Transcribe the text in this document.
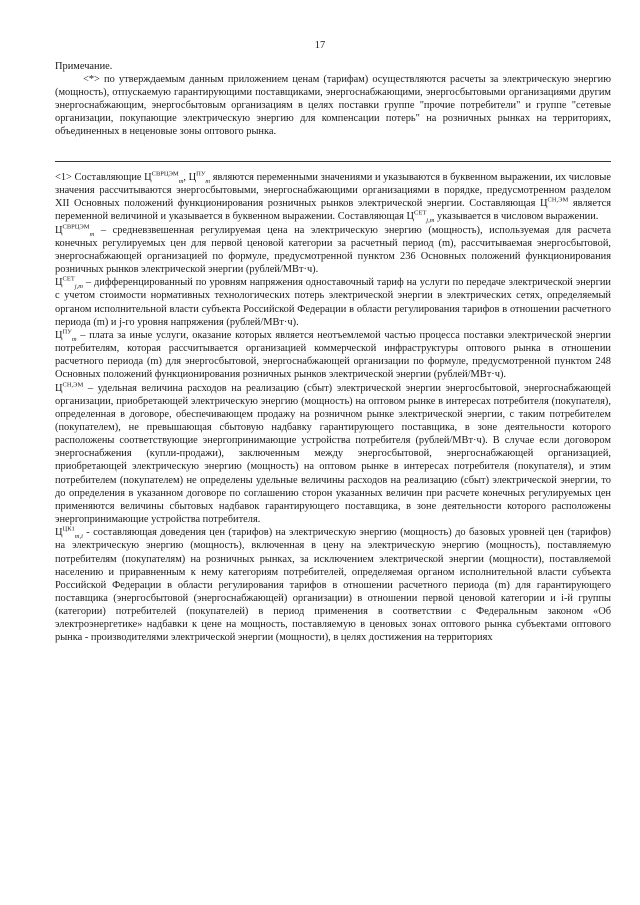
17

Примечание.

<*> по утверждаемым данным приложением ценам (тарифам) осуществляются расчеты за электрическую энергию (мощность), отпускаемую гарантирующими поставщиками, энергоснабжающими, энергосбытовыми организациями другим энергоснабжающим, энергосбытовым организациям в целях поставки группе "прочие потребители" и группе "сетевые организации, покупающие электрическую энергию для компенсации потерь" на розничных рынках на территориях, объединенных в неценовые зоны оптового рынка.

<1> Составляющие $Ц^{СВРЦЭМ}_m$, $Ц^{ПУ}_m$ являются переменными значениями и указываются в буквенном выражении, их числовые значения рассчитываются энергосбытовыми, энергоснабжающими организациями в порядке, предусмотренном разделом XII Основных положений функционирования розничных рынков электрической энергии. Составляющая $Ц^{СН,ЭМ}$ является переменной величиной и указывается в буквенном выражении. Составляющая $Ц^{СЕТ}_{j,m}$ указывается в числовом выражении.

$Ц^{СВРЦЭМ}_m$ – средневзвешенная регулируемая цена на электрическую энергию (мощность), используемая для расчета конечных регулируемых цен для первой ценовой категории за расчетный период (m), рассчитываемая энергосбытовой, энергоснабжающей организацией по формуле, предусмотренной пунктом 236 Основных положений функционирования розничных рынков электрической энергии (рублей/МВт·ч).

$Ц^{СЕТ}_{j,m}$ – дифференцированный по уровням напряжения одноставочный тариф на услуги по передаче электрической энергии с учетом стоимости нормативных технологических потерь электрической энергии в электрических сетях, определяемый органом исполнительной власти субъекта Российской Федерации в области регулирования тарифов в отношении расчетного периода (m) и j-го уровня напряжения (рублей/МВт·ч).

$Ц^{ПУ}_m$ – плата за иные услуги, оказание которых является неотъемлемой частью процесса поставки электрической энергии потребителям, которая рассчитывается организацией коммерческой инфраструктуры оптового рынка в отношении расчетного периода (m) для энергосбытовой, энергоснабжающей организации по формуле, предусмотренной пунктом 248 Основных положений функционирования розничных рынков электрической энергии (рублей/МВт·ч).

$Ц^{СН,ЭМ}$ – удельная величина расходов на реализацию (сбыт) электрической энергии энергосбытовой, энергоснабжающей организации, приобретающей электрическую энергию (мощность) на оптовом рынке в интересах потребителя (покупателя), определенная в договоре, обеспечивающем продажу на розничном рынке электрической энергии, с таким потребителем (покупателем), не превышающая сбытовую надбавку гарантирующего поставщика, в зоне деятельности которого расположены соответствующие энергопринимающие устройства потребителя (рублей/МВт·ч). В случае если договором энергоснабжения (купли-продажи), заключенным между энергосбытовой, энергоснабжающей организацией, приобретающей электрическую энергию (мощность) на оптовом рынке в интересах потребителя (покупателя), и этим потребителем (покупателем) не определены удельные величины расходов на реализацию (сбыт) электрической энергии, то до определения в указанном договоре по соглашению сторон указанных величин при расчете конечных регулируемых цен применяются величины сбытовых надбавок гарантирующего поставщика, в зоне деятельности которого расположены энергопринимающие устройства потребителя.

$Ц^{ЦК1}_{m,i}$ - составляющая доведения цен (тарифов) на электрическую энергию (мощность) до базовых уровней цен (тарифов) на электрическую энергию (мощность), включенная в цену на электрическую энергию (мощность), поставляемую потребителям (покупателям) на розничных рынках, за исключением электрической энергии (мощности), поставляемой населению и приравненным к нему категориям потребителей, определяемая органом исполнительной власти субъекта Российской Федерации в области регулирования тарифов в отношении расчетного периода (m) для гарантирующего поставщика (энергосбытовой (энергоснабжающей) организации) в отношении первой ценовой категории и i-й группы (категории) потребителей (покупателей) в период применения в соответствии с Федеральным законом «Об электроэнергетике» надбавки к цене на мощность, поставляемую в ценовых зонах оптового рынка субъектами оптового рынка - производителями электрической энергии (мощности), в целях достижения на территориях
